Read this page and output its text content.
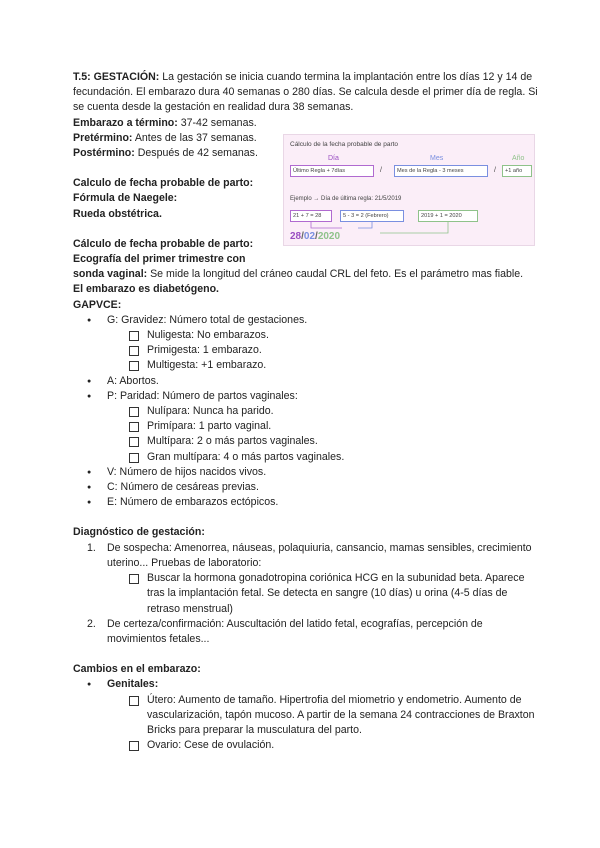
T.5: GESTACIÓN: La gestación se inicia cuando termina la implantación entre los días 12 y 14 de fecundación. El embarazo dura 40 semanas o 280 días. Se calcula desde el primer día de regla. Si se cuenta desde la gestación en realidad dura 38 semanas.

Embarazo a término: 37-42 semanas.

Pretérmino: Antes de las 37 semanas.

Postérmino: Después de 42 semanas.

Calculo de fecha probable de parto:

Fórmula de Naegele:

Rueda obstétrica.

Cálculo de fecha probable de parto:

Ecografía del primer trimestre con

sonda vaginal: Se mide la longitud del cráneo caudal CRL del feto. Es el parámetro mas fiable.

El embarazo es diabetógeno.

GAPVCE:

● G: Gravidez: Número total de gestaciones.

Nuligesta: No embarazos.

Primigesta: 1 embarazo.

Multigesta: +1 embarazo.

● A: Abortos.

● P: Paridad: Número de partos vaginales:

Nulípara: Nunca ha parido.

Primípara: 1 parto vaginal.

Multípara: 2 o más partos vaginales.

Gran multípara: 4 o más partos vaginales.

● V: Número de hijos nacidos vivos.

● C: Número de cesáreas previas.

● E: Número de embarazos ectópicos.

Diagnóstico de gestación:

1. De sospecha: Amenorrea, náuseas, polaquiuria, cansancio, mamas sensibles, crecimiento uterino... Pruebas de laboratorio:

Buscar la hormona gonadotropina coriónica HCG en la subunidad beta. Aparece tras la implantación fetal. Se detecta en sangre (10 días) u orina (4-5 días de retraso menstrual)

2. De certeza/confirmación: Auscultación del latido fetal, ecografías, percepción de movimientos fetales...

Cambios en el embarazo:

● Genitales:

Útero: Aumento de tamaño. Hipertrofia del miometrio y endometrio. Aumento de vascularización, tapón mucoso. A partir de la semana 24 contracciones de Braxton Bricks para preparar la musculatura del parto.

Ovario: Cese de ovulación.

Cálculo de la fecha probable de parto
Día	Mes	Año
Último Regla + 7días	/	Mes de la Regla - 3 meses	/	+1 año
Ejemplo → Día de última regla: 21/5/2019
21 + 7 = 28	5 - 3 = 2 (Febrero)	2019 + 1 = 2020
28/02/2020
